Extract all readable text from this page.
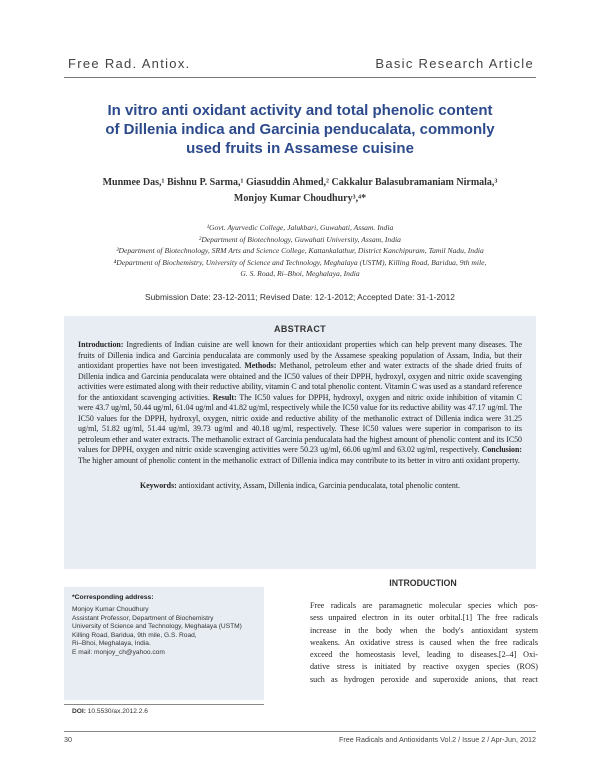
Free Rad. Antiox.	Basic Research Article
In vitro anti oxidant activity and total phenolic content
of Dillenia indica and Garcinia penducalata, commonly
used fruits in Assamese cuisine
Munmee Das,¹ Bishnu P. Sarma,¹ Giasuddin Ahmed,² Cakkalur Balasubramaniam Nirmala,³
Monjoy Kumar Choudhury³,⁴*
¹Govt. Ayurvedic College, Jalukbari, Guwahati, Assam. India
²Department of Biotechnology, Guwahati University, Assam, India
³Department of Biotechnology, SRM Arts and Science College, Kattankalathur, District Kanchipuram, Tamil Nadu, India
⁴Department of Biochemistry, University of Science and Technology, Meghalaya (USTM), Killing Road, Baridua, 9th mile,
G. S. Road, Ri–Bhoi, Meghalaya, India
Submission Date: 23-12-2011; Revised Date: 12-1-2012; Accepted Date: 31-1-2012
ABSTRACT

Introduction: Ingredients of Indian cuisine are well known for their antioxidant properties which can help prevent many diseases. The fruits of Dillenia indica and Garcinia penducalata are commonly used by the Assamese speaking population of Assam, India, but their antioxidant properties have not been investigated. Methods: Methanol, petroleum ether and water extracts of the shade dried fruits of Dillenia indica and Garcinia penducalata were obtained and the IC50 values of their DPPH, hydroxyl, oxygen and nitric oxide scavenging activities were estimated along with their reductive ability, vitamin C and total phenolic content. Vitamin C was used as a standard reference for the antioxidant scavenging activities. Result: The IC50 values for DPPH, hydroxyl, oxygen and nitric oxide inhibition of vitamin C were 43.7 ug/ml, 50.44 ug/ml, 61.04 ug/ml and 41.82 ug/ml, respectively while the IC50 value for its reductive ability was 47.17 ug/ml. The IC50 values for the DPPH, hydroxyl, oxygen, nitric oxide and reductive ability of the methanolic extract of Dillenia indica were 31.25 ug/ml, 51.82 ug/ml, 51.44 ug/ml, 39.73 ug/ml and 40.18 ug/ml, respectively. These IC50 values were superior in comparison to its petroleum ether and water extracts. The methanolic extract of Garcinia penducalata had the highest amount of phenolic content and its IC50 values for DPPH, oxygen and nitric oxide scavenging activities were 50.23 ug/ml, 66.06 ug/ml and 63.02 ug/ml, respectively. Conclusion: The higher amount of phenolic content in the methanolic extract of Dillenia indica may contribute to its better in vitro anti oxidant property.

Keywords: antioxidant activity, Assam, Dillenia indica, Garcinia penducalata, total phenolic content.
*Corresponding address:
Monjoy Kumar Choudhury
Assistant Professor, Department of Biochemistry
University of Science and Technology, Meghalaya (USTM)
Killing Road, Baridua, 9th mile, G.S. Road,
Ri–Bhoi, Meghalaya, India.
E mail: monjoy_ch@yahoo.com
DOI: 10.5530/ax.2012.2.6
INTRODUCTION
Free radicals are paramagnetic molecular species which pos-
sess unpaired electron in its outer orbital.[1] The free radicals
increase in the body when the body's antioxidant system
weakens. An oxidative stress is caused when the free radicals
exceed the homeostasis level, leading to diseases.[2–4] Oxi-
dative stress is initiated by reactive oxygen species (ROS)
such as hydrogen peroxide and superoxide anions, that react
30	Free Radicals and Antioxidants Vol.2 / Issue 2 / Apr-Jun, 2012
